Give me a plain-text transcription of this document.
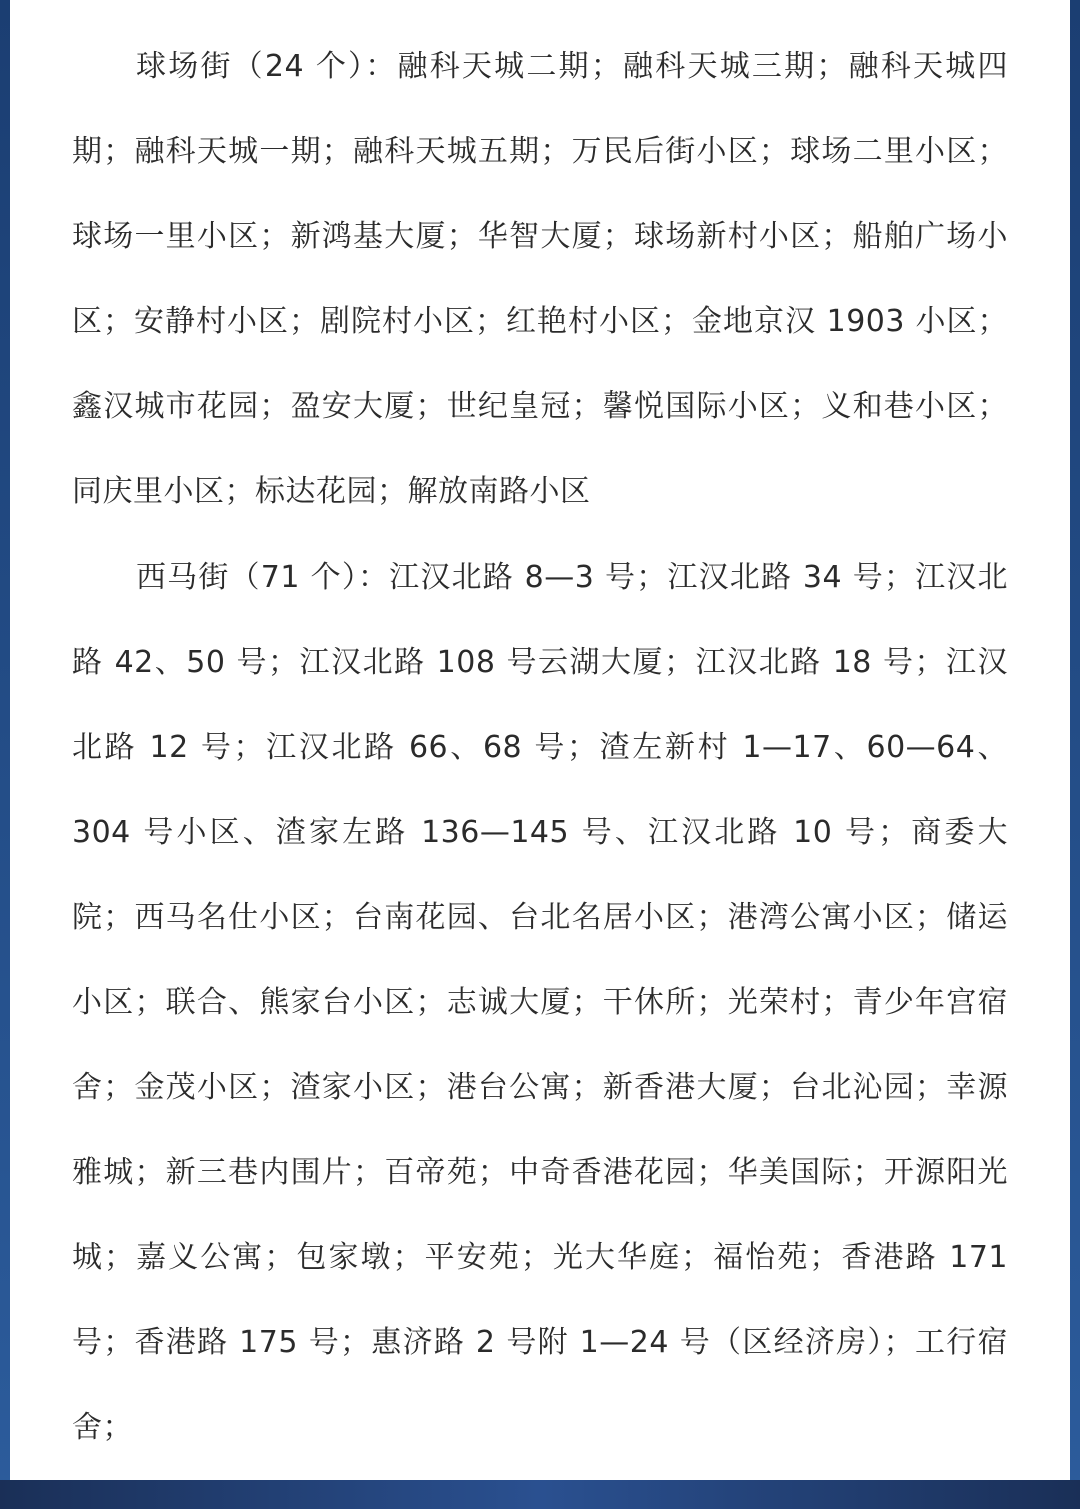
球场街（24 个）：融科天城二期；融科天城三期；融科天城四期；融科天城一期；融科天城五期；万民后街小区；球场二里小区；球场一里小区；新鸿基大厦；华智大厦；球场新村小区；船舶广场小区；安静村小区；剧院村小区；红艳村小区；金地京汉 1903 小区；鑫汉城市花园；盈安大厦；世纪皇冠；馨悦国际小区；义和巷小区；同庆里小区；标达花园；解放南路小区

西马街（71 个）：江汉北路 8—3 号；江汉北路 34 号；江汉北路 42、50 号；江汉北路 108 号云湖大厦；江汉北路 18 号；江汉北路 12 号；江汉北路 66、68 号；渣左新村 1—17、60—64、304 号小区、渣家左路 136—145 号、江汉北路 10 号；商委大院；西马名仕小区；台南花园、台北名居小区；港湾公寓小区；储运小区；联合、熊家台小区；志诚大厦；干休所；光荣村；青少年宫宿舍；金茂小区；渣家小区；港台公寓；新香港大厦；台北沁园；幸源雅城；新三巷内围片；百帝苑；中奇香港花园；华美国际；开源阳光城；嘉义公寓；包家墩；平安苑；光大华庭；福怡苑；香港路 171 号；香港路 175 号；惠济路 2 号附 1—24 号（区经济房）；工行宿舍；
